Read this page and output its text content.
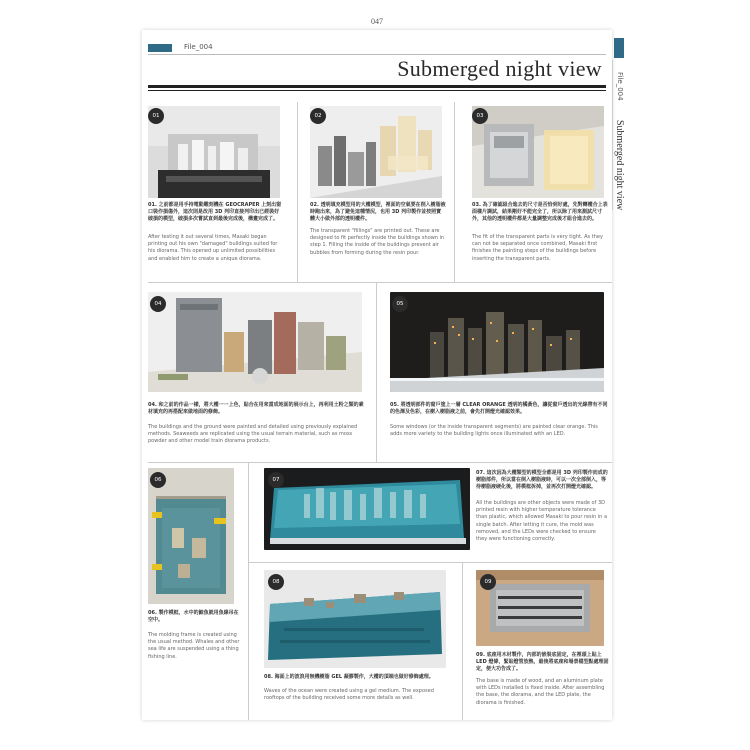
047
File_004
Submerged night view
01
01. 之前都是用手持電動雕刻機在 GEOCRAPER 上刻出窗口裝作損傷外，這次則是改用 3D 列印直接列印出已經裝好破損的模型，破損多次嘗試直到最後完成後，構畫完成了。
After testing it out several times, Masaki began printing out his own "damaged" buildings suited for his diorama. This opened up unlimited possibilities and enabled him to create a unique diorama.
02
02. 透明填充模型用的大樓模型，裡面的空氣要在削入樹脂液時跑出來，為了避免這種情況，也用 3D 列印製作並按照實體大小做外部的透明樓件。
The transparent "fillings" are printed out. These are designed to fit perfectly inside the buildings shown in step 1. Filling the inside of the buildings prevent air bubbles from forming during the resin pour.
03
03. 為了確認組合進去的尺寸是否恰到好處，先對轉樓合上表面樣片調試，結果剛好不能完全了，所以除了用來測試尺寸外，其他的透明樓件都是大量調整完成後才組合進去的。
The fit of the transparent parts is very tight. As they can not be separated once combined, Masaki first finishes the painting steps of the buildings before inserting the transparent parts.
04
04. 和之前的作品一樣，將大樓一一上色，貼合在用來當成地面的展示台上，再利用土粉之類的素材填充的再搭配來做地面的修飾。
The buildings and the ground were painted and detailed using previously explained methods. Seaweeds are replicated using the usual terrain material, such as moss powder and other model train diorama products.
05
05. 將透明部件的窗戶塗上一層 CLEAR ORANGE 透明的橘黃色，讓從窗戶透出的光線帶有不同的色澤及色彩，在樹入樹脂液之前，會先打開燈光確認效果。
Some windows (or the inside transparent segments) are painted clear orange. This adds more variety to the building lights once illuminated with an LED.
06
06. 製作模框，水中的鯨魚就用魚線吊在空中。
The molding frame is created using the usual method. Whales and other sea life are suspended using a thing fishing line.
07
07. 這次因為大樓類型的模型全都是用 3D 列印製作而成的樹脂部件，所以當在倒入樹脂液時，可以一次全部倒入，等待樹脂液硬化後，將模框拆掉，並再次打開燈光確認。
All the buildings are other objects were made of 3D printed resin with higher temperature tolerance than plastic, which allowed Masaki to pour resin in a single batch. After letting it cure, the mold was removed, and the LEDs were checked to ensure they were functioning correctly.
08
08. 海面上的波浪用無機樹脂 GEL 凝膠製作，大樓的頂端也做好修飾處理。
Waves of the ocean were created using a gel medium. The exposed rooftops of the building received some more details as well.
09
09. 底座用木材製作，內部的嵌裝底固定，在裡頭上貼上 LED 燈條，緊貼燈管放熱，最後將底座和場景檔型點處理固定，便大功告成了。
The base is made of wood, and an aluminum plate with LEDs installed is fixed inside. After assembling the base, the diorama, and the LED plate, the diorama is finished.
File_004
Submerged night view
